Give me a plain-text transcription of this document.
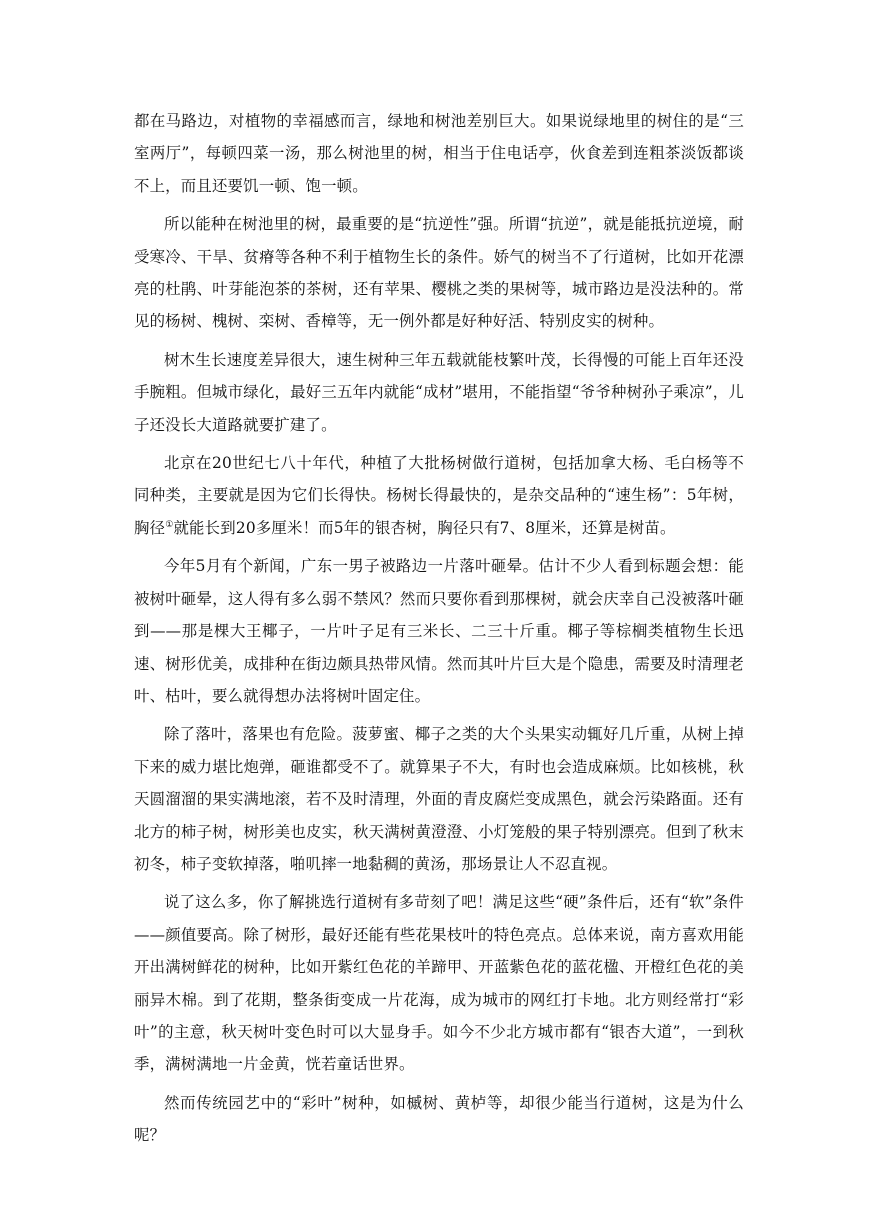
都在马路边，对植物的幸福感而言，绿地和树池差别巨大。如果说绿地里的树住的是“三室两厅”，每顿四菜一汤，那么树池里的树，相当于住电话亭，伙食差到连粗茶淡饭都谈不上，而且还要饥一顿、饱一顿。

所以能种在树池里的树，最重要的是“抗逆性”强。所谓“抗逆”，就是能抵抗逆境，耐受寒冷、干旱、贫瘠等各种不利于植物生长的条件。娇气的树当不了行道树，比如开花漂亮的杜鹃、叶芽能泡茶的茶树，还有苹果、樱桃之类的果树等，城市路边是没法种的。常见的杨树、槐树、栾树、香樟等，无一例外都是好种好活、特别皮实的树种。

树木生长速度差异很大，速生树种三年五载就能枝繁叶茂，长得慢的可能上百年还没手腕粗。但城市绿化，最好三五年内就能“成材”堪用，不能指望“爷爷种树孙子乘凉”，儿子还没长大道路就要扩建了。

北京在20世纪七八十年代，种植了大批杨树做行道树，包括加拿大杨、毛白杨等不同种类，主要就是因为它们长得快。杨树长得最快的，是杂交品种的“速生杨”：5年树，胸径①就能长到20多厘米！而5年的银杏树，胸径只有7、8厘米，还算是树苗。

今年5月有个新闻，广东一男子被路边一片落叶砸晕。估计不少人看到标题会想：能被树叶砸晕，这人得有多么弱不禁风？然而只要你看到那棵树，就会庆幸自己没被落叶砸到——那是棵大王椰子，一片叶子足有三米长、二三十斤重。椰子等棕榈类植物生长迅速、树形优美，成排种在街边颇具热带风情。然而其叶片巨大是个隐患，需要及时清理老叶、枯叶，要么就得想办法将树叶固定住。

除了落叶，落果也有危险。菠萝蜜、椰子之类的大个头果实动辄好几斤重，从树上掉下来的威力堪比炮弹，砸谁都受不了。就算果子不大，有时也会造成麻烦。比如核桃，秋天圆溜溜的果实满地滚，若不及时清理，外面的青皮腐烂变成黑色，就会污染路面。还有北方的柿子树，树形美也皮实，秋天满树黄澄澄、小灯笼般的果子特别漂亮。但到了秋末初冬，柿子变软掉落，啪叽摔一地黏稠的黄汤，那场景让人不忍直视。

说了这么多，你了解挑选行道树有多苛刻了吧！满足这些“硬”条件后，还有“软”条件——颜值要高。除了树形，最好还能有些花果枝叶的特色亮点。总体来说，南方喜欢用能开出满树鲜花的树种，比如开紫红色花的羊蹄甲、开蓝紫色花的蓝花楹、开橙红色花的美丽异木棉。到了花期，整条街变成一片花海，成为城市的网红打卡地。北方则经常打“彩叶”的主意，秋天树叶变色时可以大显身手。如今不少北方城市都有“银杏大道”，一到秋季，满树满地一片金黄，恍若童话世界。

然而传统园艺中的“彩叶”树种，如槭树、黄栌等，却很少能当行道树，这是为什么呢？
